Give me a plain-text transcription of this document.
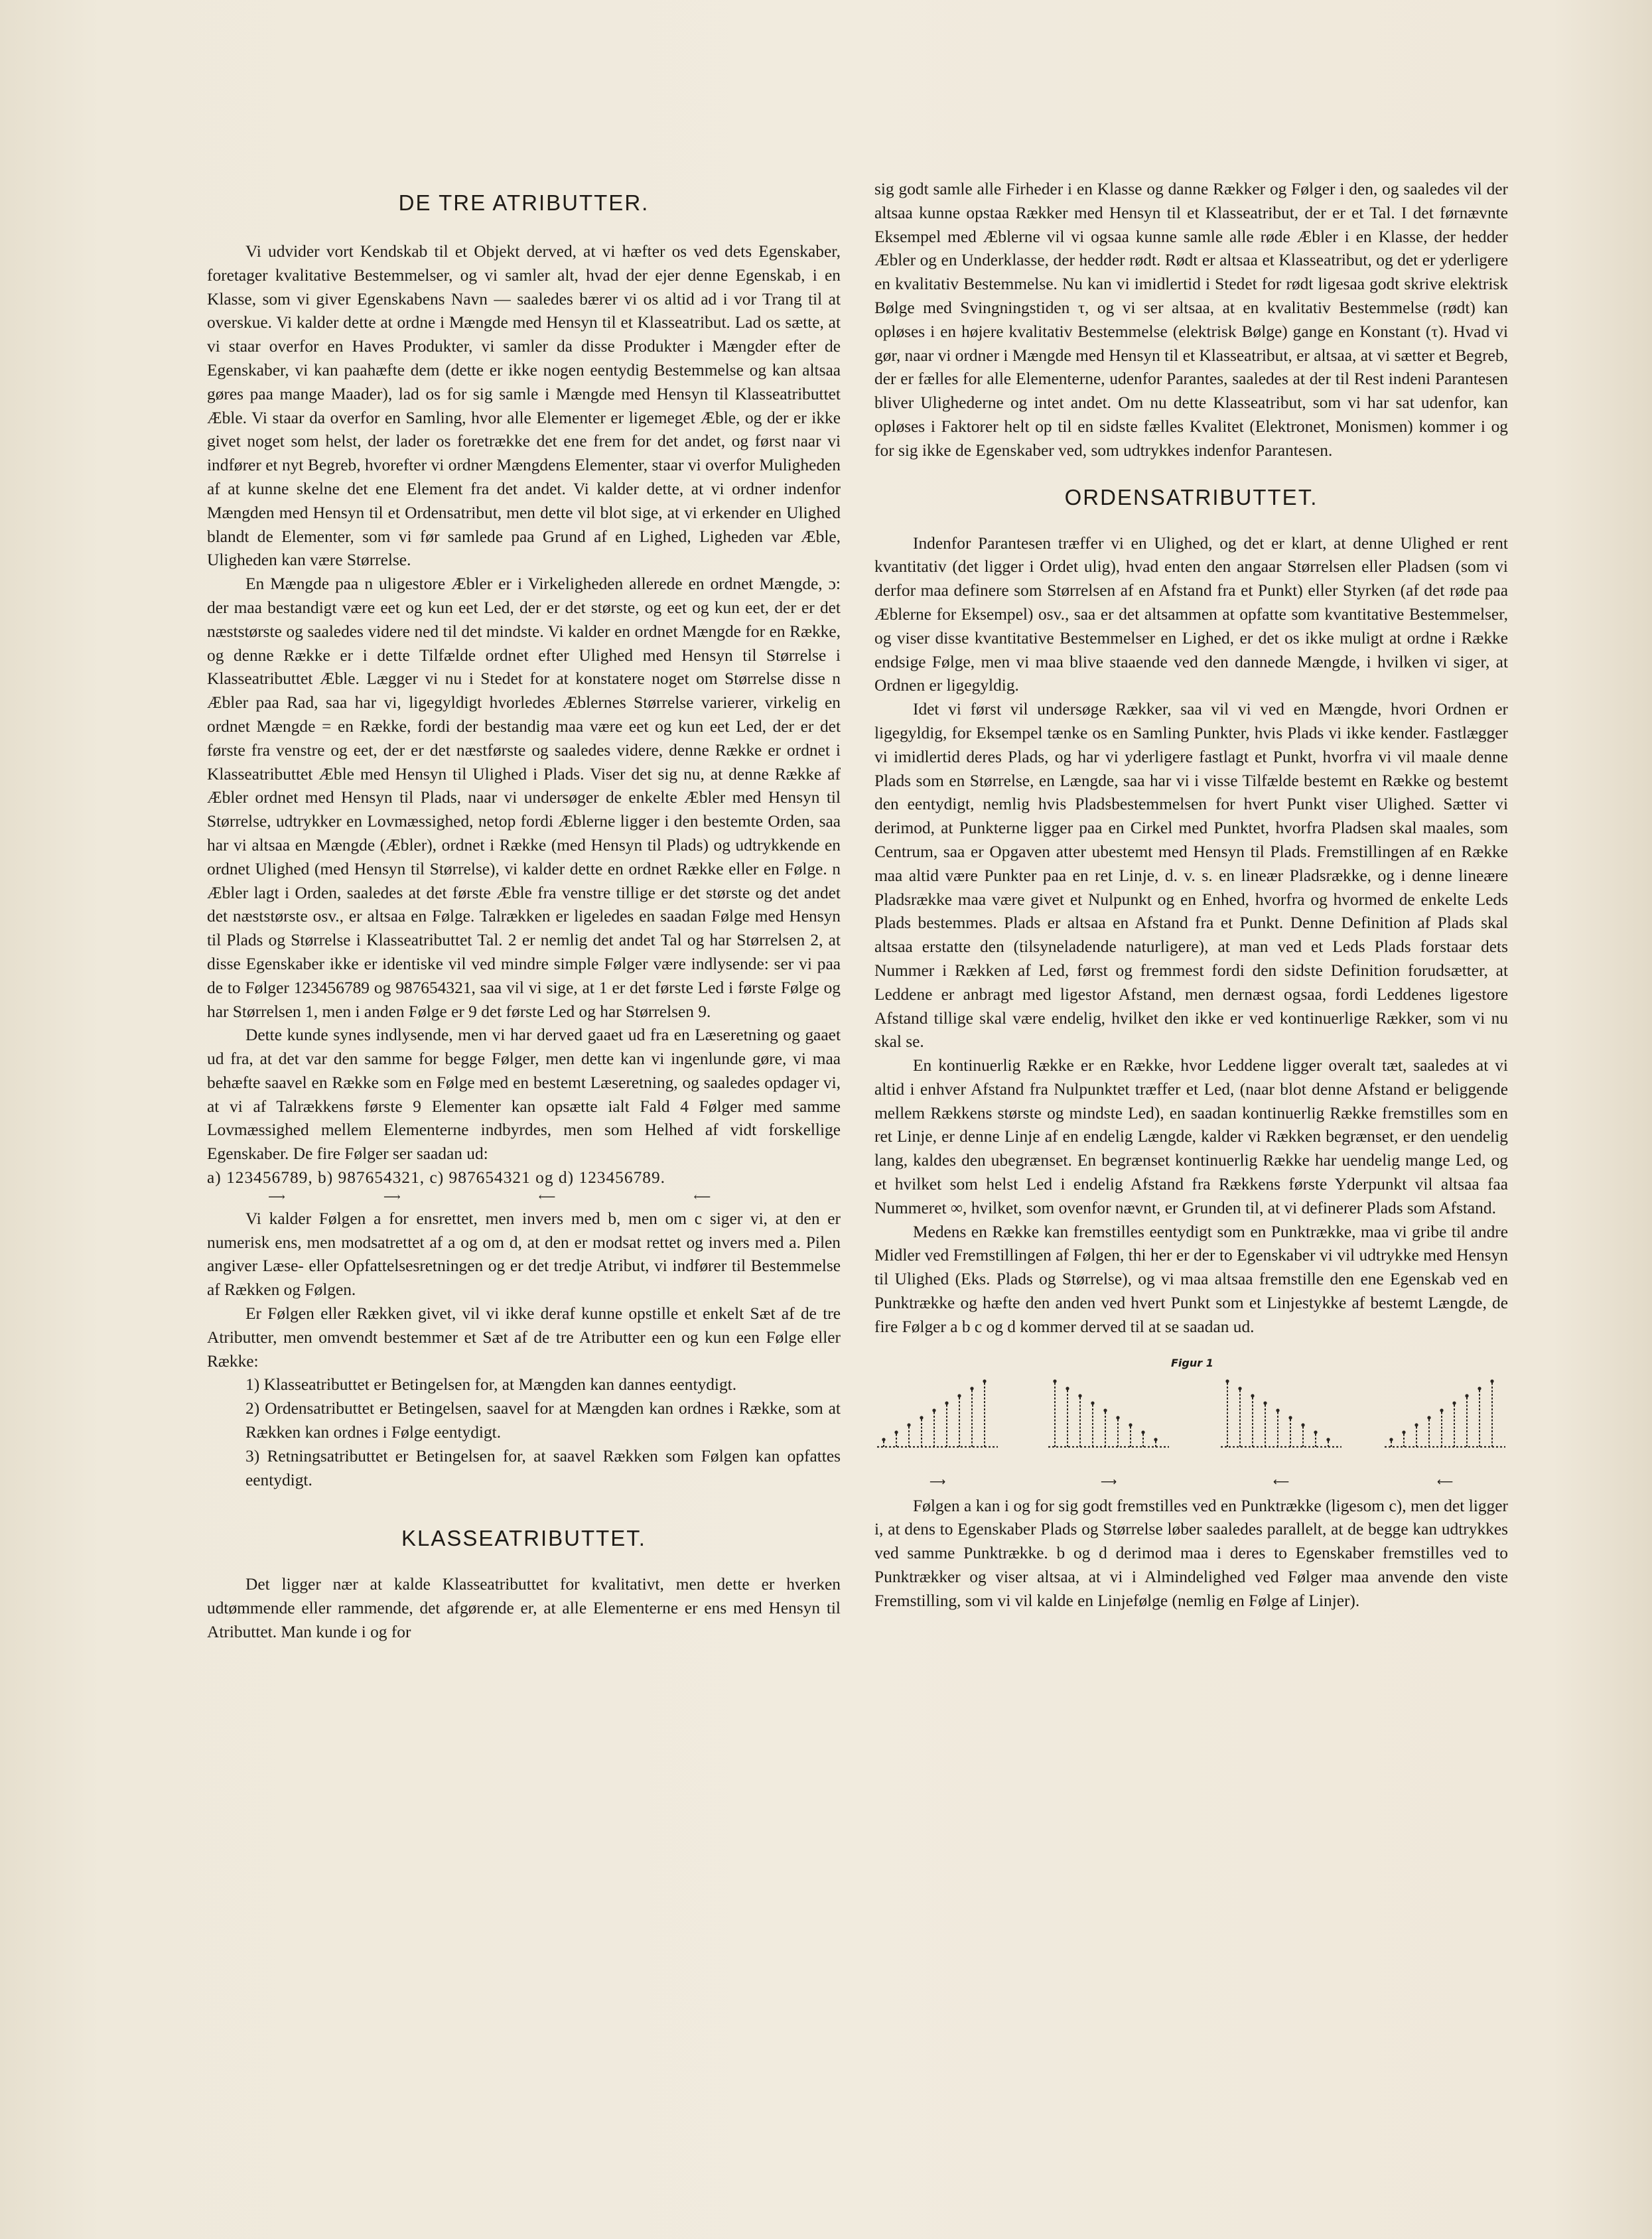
DE TRE ATRIBUTTER.

Vi udvider vort Kendskab til et Objekt derved, at vi hæfter os ved dets Egenskaber, foretager kvalitative Bestemmelser, og vi samler alt, hvad der ejer denne Egenskab, i en Klasse, som vi giver Egenskabens Navn — saaledes bærer vi os altid ad i vor Trang til at overskue. Vi kalder dette at ordne i Mængde med Hensyn til et Klasseatribut. Lad os sætte, at vi staar overfor en Haves Produkter, vi samler da disse Produkter i Mængder efter de Egenskaber, vi kan paahæfte dem (dette er ikke nogen eentydig Bestemmelse og kan altsaa gøres paa mange Maader), lad os for sig samle i Mængde med Hensyn til Klasseatributtet Æble. Vi staar da overfor en Samling, hvor alle Elementer er ligemeget Æble, og der er ikke givet noget som helst, der lader os foretrække det ene frem for det andet, og først naar vi indfører et nyt Begreb, hvorefter vi ordner Mængdens Elementer, staar vi overfor Muligheden af at kunne skelne det ene Element fra det andet. Vi kalder dette, at vi ordner indenfor Mængden med Hensyn til et Ordensatribut, men dette vil blot sige, at vi erkender en Ulighed blandt de Elementer, som vi før samlede paa Grund af en Lighed, Ligheden var Æble, Uligheden kan være Størrelse.

En Mængde paa n uligestore Æbler er i Virkeligheden allerede en ordnet Mængde, ɔ: der maa bestandigt være eet og kun eet Led, der er det største, og eet og kun eet, der er det næststørste og saaledes videre ned til det mindste. Vi kalder en ordnet Mængde for en Række, og denne Række er i dette Tilfælde ordnet efter Ulighed med Hensyn til Størrelse i Klasseatributtet Æble. Lægger vi nu i Stedet for at konstatere noget om Størrelse disse n Æbler paa Rad, saa har vi, ligegyldigt hvorledes Æblernes Størrelse varierer, virkelig en ordnet Mængde = en Række, fordi der bestandig maa være eet og kun eet Led, der er det første fra venstre og eet, der er det næstførste og saaledes videre, denne Række er ordnet i Klasseatributtet Æble med Hensyn til Ulighed i Plads. Viser det sig nu, at denne Række af Æbler ordnet med Hensyn til Plads, naar vi undersøger de enkelte Æbler med Hensyn til Størrelse, udtrykker en Lovmæssighed, netop fordi Æblerne ligger i den bestemte Orden, saa har vi altsaa en Mængde (Æbler), ordnet i Række (med Hensyn til Plads) og udtrykkende en ordnet Ulighed (med Hensyn til Størrelse), vi kalder dette en ordnet Række eller en Følge. n Æbler lagt i Orden, saaledes at det første Æble fra venstre tillige er det største og det andet det næststørste osv., er altsaa en Følge. Talrækken er ligeledes en saadan Følge med Hensyn til Plads og Størrelse i Klasseatributtet Tal. 2 er nemlig det andet Tal og har Størrelsen 2, at disse Egenskaber ikke er identiske vil ved mindre simple Følger være indlysende: ser vi paa de to Følger 123456789 og 987654321, saa vil vi sige, at 1 er det første Led i første Følge og har Størrelsen 1, men i anden Følge er 9 det første Led og har Størrelsen 9.

Dette kunde synes indlysende, men vi har derved gaaet ud fra en Læseretning og gaaet ud fra, at det var den samme for begge Følger, men dette kan vi ingenlunde gøre, vi maa behæfte saavel en Række som en Følge med en bestemt Læseretning, og saaledes opdager vi, at vi af Talrækkens første 9 Elementer kan opsætte ialt Fald 4 Følger med samme Lovmæssighed mellem Elementerne indbyrdes, men som Helhed af vidt forskellige Egenskaber. De fire Følger ser saadan ud:

a) 123456789, b) 987654321, c) 987654321 og d) 123456789.

⟶	⟶	⟵	⟵

Vi kalder Følgen a for ensrettet, men invers med b, men om c siger vi, at den er numerisk ens, men modsatrettet af a og om d, at den er modsat rettet og invers med a. Pilen angiver Læse- eller Opfattelsesretningen og er det tredje Atribut, vi indfører til Bestemmelse af Rækken og Følgen.

Er Følgen eller Rækken givet, vil vi ikke deraf kunne opstille et enkelt Sæt af de tre Atributter, men omvendt bestemmer et Sæt af de tre Atributter een og kun een Følge eller Række:

1) Klasseatributtet er Betingelsen for, at Mængden kan dannes eentydigt.

2) Ordensatributtet er Betingelsen, saavel for at Mængden kan ordnes i Række, som at Rækken kan ordnes i Følge eentydigt.

3) Retningsatributtet er Betingelsen for, at saavel Rækken som Følgen kan opfattes eentydigt.

KLASSEATRIBUTTET.

Det ligger nær at kalde Klasseatributtet for kvalitativt, men dette er hverken udtømmende eller rammende, det afgørende er, at alle Elementerne er ens med Hensyn til Atributtet. Man kunde i og for

sig godt samle alle Firheder i en Klasse og danne Rækker og Følger i den, og saaledes vil der altsaa kunne opstaa Rækker med Hensyn til et Klasseatribut, der er et Tal. I det førnævnte Eksempel med Æblerne vil vi ogsaa kunne samle alle røde Æbler i en Klasse, der hedder Æbler og en Underklasse, der hedder rødt. Rødt er altsaa et Klasseatribut, og det er yderligere en kvalitativ Bestemmelse. Nu kan vi imidlertid i Stedet for rødt ligesaa godt skrive elektrisk Bølge med Svingningstiden τ, og vi ser altsaa, at en kvalitativ Bestemmelse (rødt) kan opløses i en højere kvalitativ Bestemmelse (elektrisk Bølge) gange en Konstant (τ). Hvad vi gør, naar vi ordner i Mængde med Hensyn til et Klasseatribut, er altsaa, at vi sætter et Begreb, der er fælles for alle Elementerne, udenfor Parantes, saaledes at der til Rest indeni Parantesen bliver Ulighederne og intet andet. Om nu dette Klasseatribut, som vi har sat udenfor, kan opløses i Faktorer helt op til en sidste fælles Kvalitet (Elektronet, Monismen) kommer i og for sig ikke de Egenskaber ved, som udtrykkes indenfor Parantesen.

ORDENSATRIBUTTET.

Indenfor Parantesen træffer vi en Ulighed, og det er klart, at denne Ulighed er rent kvantitativ (det ligger i Ordet ulig), hvad enten den angaar Størrelsen eller Pladsen (som vi derfor maa definere som Størrelsen af en Afstand fra et Punkt) eller Styrken (af det røde paa Æblerne for Eksempel) osv., saa er det altsammen at opfatte som kvantitative Bestemmelser, og viser disse kvantitative Bestemmelser en Lighed, er det os ikke muligt at ordne i Række endsige Følge, men vi maa blive staaende ved den dannede Mængde, i hvilken vi siger, at Ordnen er ligegyldig.

Idet vi først vil undersøge Rækker, saa vil vi ved en Mængde, hvori Ordnen er ligegyldig, for Eksempel tænke os en Samling Punkter, hvis Plads vi ikke kender. Fastlægger vi imidlertid deres Plads, og har vi yderligere fastlagt et Punkt, hvorfra vi vil maale denne Plads som en Størrelse, en Længde, saa har vi i visse Tilfælde bestemt en Række og bestemt den eentydigt, nemlig hvis Pladsbestemmelsen for hvert Punkt viser Ulighed. Sætter vi derimod, at Punkterne ligger paa en Cirkel med Punktet, hvorfra Pladsen skal maales, som Centrum, saa er Opgaven atter ubestemt med Hensyn til Plads. Fremstillingen af en Række maa altid være Punkter paa en ret Linje, d. v. s. en lineær Pladsrække, og i denne lineære Pladsrække maa være givet et Nulpunkt og en Enhed, hvorfra og hvormed de enkelte Leds Plads bestemmes. Plads er altsaa en Afstand fra et Punkt. Denne Definition af Plads skal altsaa erstatte den (tilsyneladende naturligere), at man ved et Leds Plads forstaar dets Nummer i Rækken af Led, først og fremmest fordi den sidste Definition forudsætter, at Leddene er anbragt med ligestor Afstand, men dernæst ogsaa, fordi Leddenes ligestore Afstand tillige skal være endelig, hvilket den ikke er ved kontinuerlige Rækker, som vi nu skal se.

En kontinuerlig Række er en Række, hvor Leddene ligger overalt tæt, saaledes at vi altid i enhver Afstand fra Nulpunktet træffer et Led, (naar blot denne Afstand er beliggende mellem Rækkens største og mindste Led), en saadan kontinuerlig Række fremstilles som en ret Linje, er denne Linje af en endelig Længde, kalder vi Rækken begrænset, er den uendelig lang, kaldes den ubegrænset. En begrænset kontinuerlig Række har uendelig mange Led, og et hvilket som helst Led i endelig Afstand fra Rækkens første Yderpunkt vil altsaa faa Nummeret ∞, hvilket, som ovenfor nævnt, er Grunden til, at vi definerer Plads som Afstand.

Medens en Række kan fremstilles eentydigt som en Punktrække, maa vi gribe til andre Midler ved Fremstillingen af Følgen, thi her er der to Egenskaber vi vil udtrykke med Hensyn til Ulighed (Eks. Plads og Størrelse), og vi maa altsaa fremstille den ene Egenskab ved en Punktrække og hæfte den anden ved hvert Punkt som et Linjestykke af bestemt Længde, de fire Følger a b c og d kommer derved til at se saadan ud.

Figur 1
⟶	⟶	⟵	⟵

Følgen a kan i og for sig godt fremstilles ved en Punktrække (ligesom c), men det ligger i, at dens to Egenskaber Plads og Størrelse løber saaledes parallelt, at de begge kan udtrykkes ved samme Punktrække. b og d derimod maa i deres to Egenskaber fremstilles ved to Punktrækker og viser altsaa, at vi i Almindelighed ved Følger maa anvende den viste Fremstilling, som vi vil kalde en Linjefølge (nemlig en Følge af Linjer).
